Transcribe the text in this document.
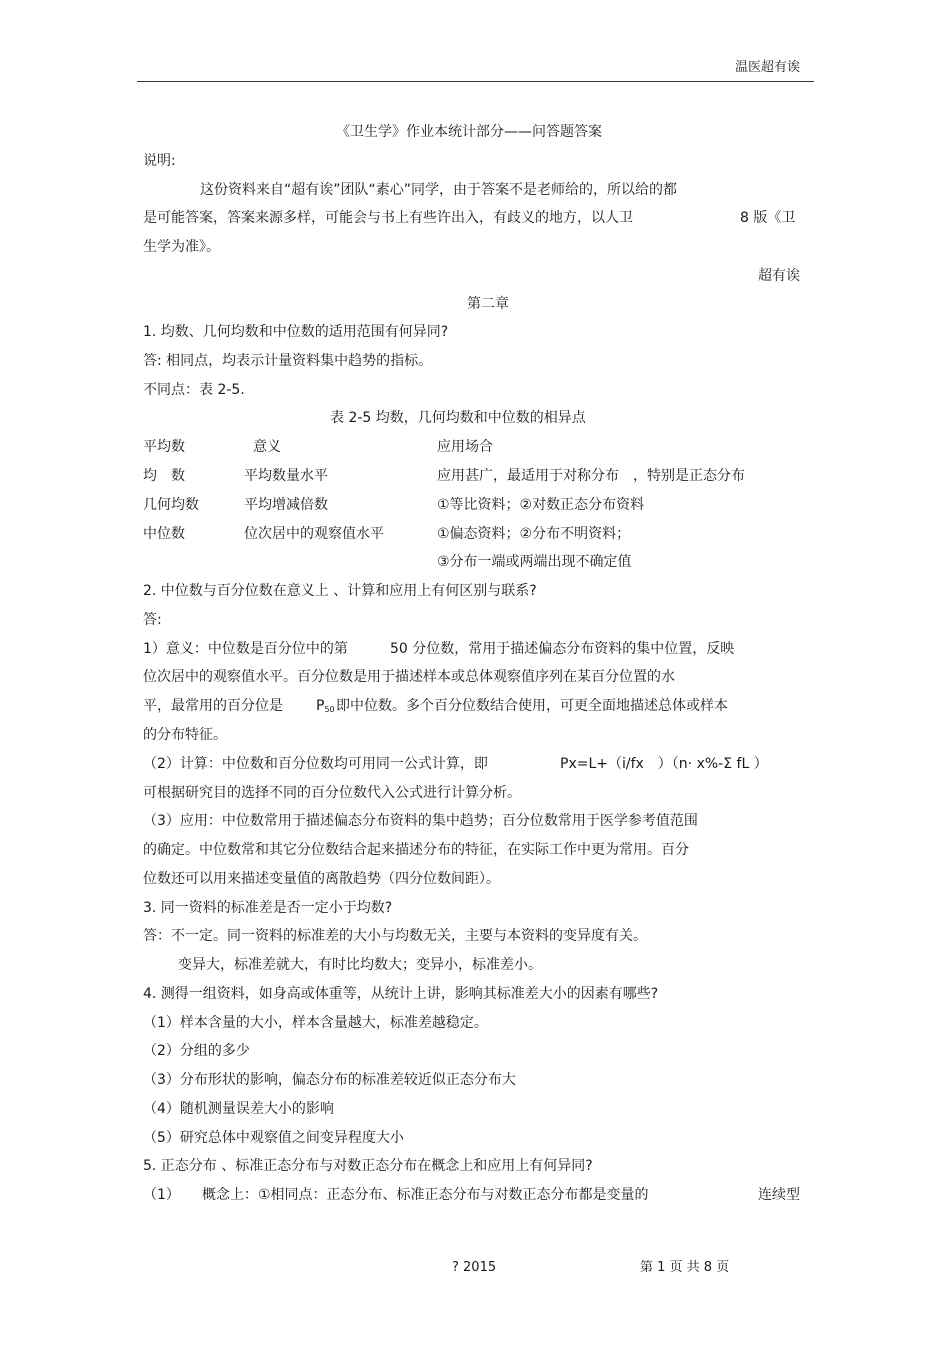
温医超有诶
《卫生学》作业本统计部分——问答题答案
说明:
这份资料来自“超有诶”团队“素心”同学，由于答案不是老师给的，所以给的都
是可能答案，答案来源多样，可能会与书上有些许出入，有歧义的地方，以人卫	8 版《卫
生学为准》。
超有诶
第二章
1. 均数、几何均数和中位数的适用范围有何异同?
答: 相同点，均表示计量资料集中趋势的指标。
不同点：表 2-5.
表 2-5 均数，几何均数和中位数的相异点
平均数	意义	应用场合
均　数	平均数量水平	应用甚广，最适用于对称分布　，特别是正态分布
几何均数	平均增减倍数	①等比资料；②对数正态分布资料
中位数	位次居中的观察值水平	①偏态资料；②分布不明资料；
③分布一端或两端出现不确定值
2. 中位数与百分位数在意义上 、计算和应用上有何区别与联系?
答:
1）意义：中位数是百分位中的第	50 分位数，常用于描述偏态分布资料的集中位置，反映
位次居中的观察值水平。百分位数是用于描述样本或总体观察值序列在某百分位置的水
平，最常用的百分位是 P50 即中位数。多个百分位数结合使用，可更全面地描述总体或样本
的分布特征。
（2）计算：中位数和百分位数均可用同一公式计算，即	Px=L+（i/fx　）（n· x%-Σ fL ）
可根据研究目的选择不同的百分位数代入公式进行计算分析。
（3）应用：中位数常用于描述偏态分布资料的集中趋势；百分位数常用于医学参考值范围
的确定。中位数常和其它分位数结合起来描述分布的特征，在实际工作中更为常用。百分
位数还可以用来描述变量值的离散趋势（四分位数间距）。
3. 同一资料的标准差是否一定小于均数?
答：不一定。同一资料的标准差的大小与均数无关，主要与本资料的变异度有关。
变异大，标准差就大，有时比均数大；变异小，标准差小。
4. 测得一组资料，如身高或体重等，从统计上讲，影响其标准差大小的因素有哪些?
（1）样本含量的大小，样本含量越大，标准差越稳定。
（2）分组的多少
（3）分布形状的影响，偏态分布的标准差较近似正态分布大
（4）随机测量误差大小的影响
（5）研究总体中观察值之间变异程度大小
5. 正态分布 、标准正态分布与对数正态分布在概念上和应用上有何异同?
（1） 概念上：①相同点：正态分布、标准正态分布与对数正态分布都是变量的	连续型
? 2015	第 1 页 共 8 页
